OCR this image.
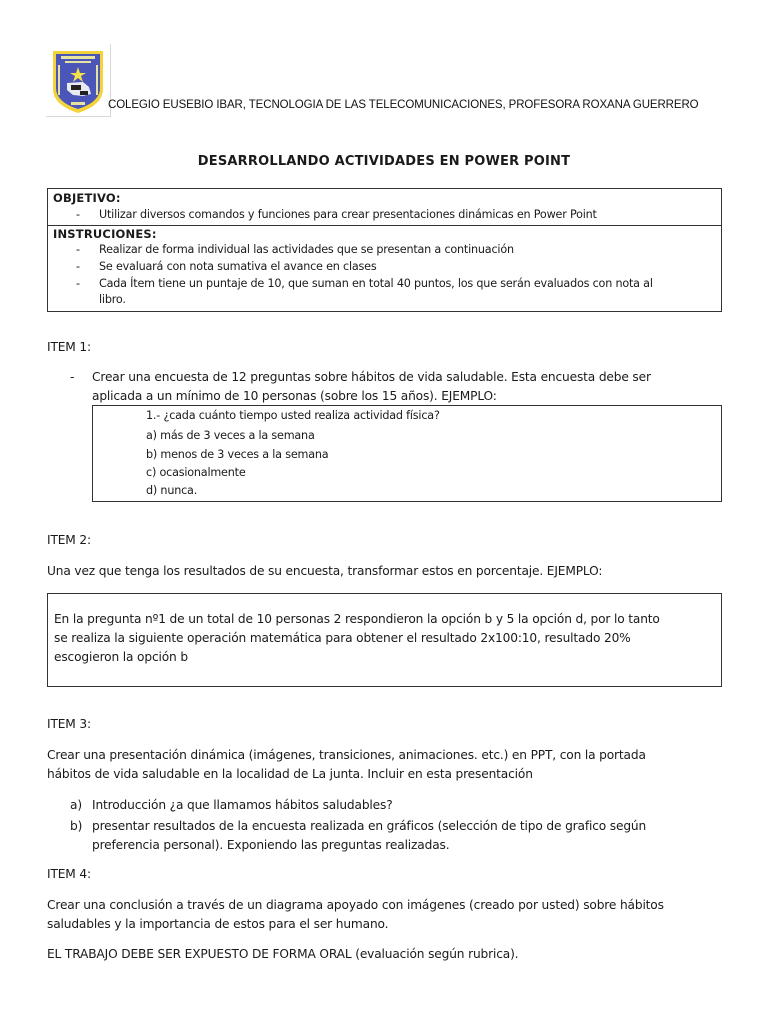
COLEGIO EUSEBIO IBAR, TECNOLOGIA DE LAS TELECOMUNICACIONES, PROFESORA ROXANA GUERRERO
DESARROLLANDO ACTIVIDADES EN POWER POINT
OBJETIVO:
- Utilizar diversos comandos y funciones para crear presentaciones dinámicas en Power Point
INSTRUCIONES:
- Realizar de forma individual las actividades que se presentan a continuación
- Se evaluará con nota sumativa el avance en clases
- Cada Ítem tiene un puntaje de 10, que suman en total 40 puntos, los que serán evaluados con nota al
libro.
ITEM 1:
- Crear una encuesta de 12 preguntas sobre hábitos de vida saludable. Esta encuesta debe ser
aplicada a un mínimo de 10 personas (sobre los 15 años). EJEMPLO:
1.- ¿cada cuánto tiempo usted realiza actividad física?
a) más de 3 veces a la semana
b) menos de 3 veces a la semana
c) ocasionalmente
d) nunca.
ITEM 2:
Una vez que tenga los resultados de su encuesta, transformar estos en porcentaje. EJEMPLO:
En la pregunta nº1 de un total de 10 personas 2 respondieron la opción b y 5 la opción d, por lo tanto
se realiza la siguiente operación matemática para obtener el resultado 2x100:10, resultado 20%
escogieron la opción b
ITEM 3:
Crear una presentación dinámica (imágenes, transiciones, animaciones. etc.) en PPT, con la portada
hábitos de vida saludable en la localidad de La junta. Incluir en esta presentación
a) Introducción ¿a que llamamos hábitos saludables?
b) presentar resultados de la encuesta realizada en gráficos (selección de tipo de grafico según
preferencia personal). Exponiendo las preguntas realizadas.
ITEM 4:
Crear una conclusión a través de un diagrama apoyado con imágenes (creado por usted) sobre hábitos
saludables y la importancia de estos para el ser humano.
EL TRABAJO DEBE SER EXPUESTO DE FORMA ORAL (evaluación según rubrica).
